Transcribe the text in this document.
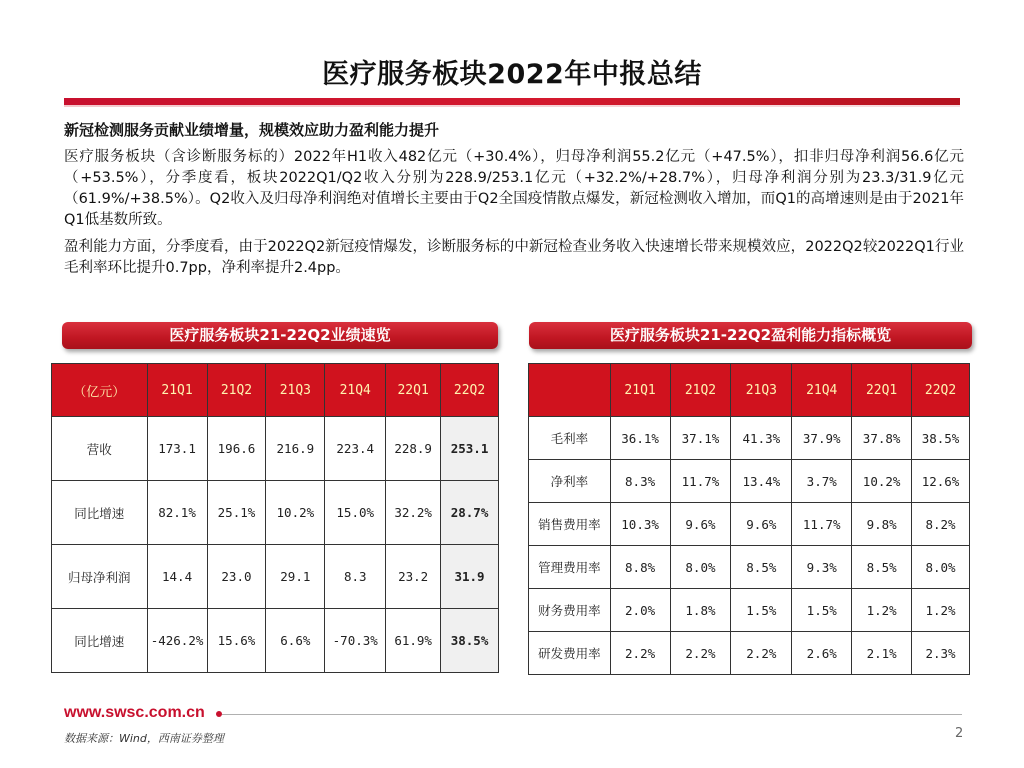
医疗服务板块2022年中报总结
新冠检测服务贡献业绩增量，规模效应助力盈利能力提升

医疗服务板块（含诊断服务标的）2022年H1收入482亿元（+30.4%），归母净利润55.2亿元（+47.5%），扣非归母净利润56.6亿元（+53.5%），分季度看，板块2022Q1/Q2收入分别为228.9/253.1亿元（+32.2%/+28.7%），归母净利润分别为23.3/31.9亿元（61.9%/+38.5%）。Q2收入及归母净利润绝对值增长主要由于Q2全国疫情散点爆发，新冠检测收入增加，而Q1的高增速则是由于2021年Q1低基数所致。

盈利能力方面，分季度看，由于2022Q2新冠疫情爆发，诊断服务标的中新冠检查业务收入快速增长带来规模效应，2022Q2较2022Q1行业毛利率环比提升0.7pp，净利率提升2.4pp。

医疗服务板块21-22Q2业绩速览	医疗服务板块21-22Q2盈利能力指标概览
（亿元）	21Q1	21Q2	21Q3	21Q4	22Q1	22Q2
营收	173.1	196.6	216.9	223.4	228.9	253.1
同比增速	82.1%	25.1%	10.2%	15.0%	32.2%	28.7%
归母净利润	14.4	23.0	29.1	8.3	23.2	31.9
同比增速	-426.2%	15.6%	6.6%	-70.3%	61.9%	38.5%
	21Q1	21Q2	21Q3	21Q4	22Q1	22Q2
毛利率	36.1%	37.1%	41.3%	37.9%	37.8%	38.5%
净利率	8.3%	11.7%	13.4%	3.7%	10.2%	12.6%
销售费用率	10.3%	9.6%	9.6%	11.7%	9.8%	8.2%
管理费用率	8.8%	8.0%	8.5%	9.3%	8.5%	8.0%
财务费用率	2.0%	1.8%	1.5%	1.5%	1.2%	1.2%
研发费用率	2.2%	2.2%	2.2%	2.6%	2.1%	2.3%
www.swsc.com.cn
数据来源：Wind，西南证券整理	2
